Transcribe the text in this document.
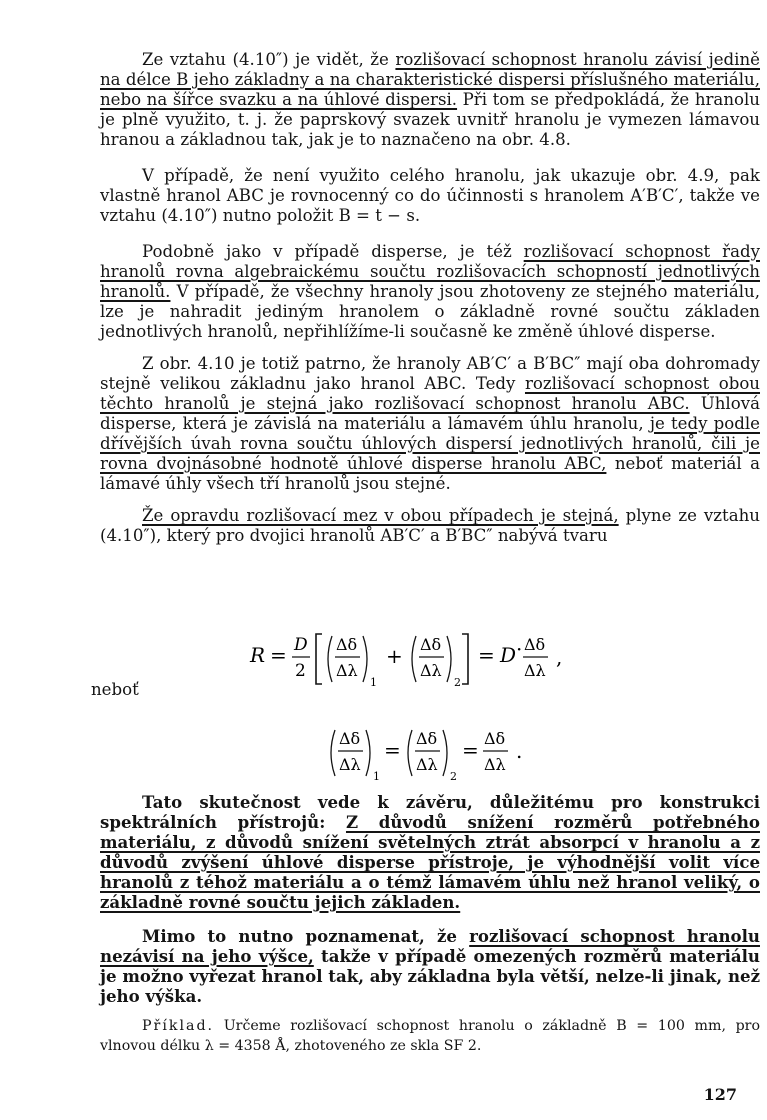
Ze vztahu (4.10″) je vidět, že rozlišovací schopnost hranolu závisí jedině na délce B jeho základny a na charakteristické dispersi příslušného materiálu, nebo na šířce svazku a na úhlové dispersi. Při tom se předpokládá, že hranolu je plně využito, t. j. že paprskový svazek uvnitř hranolu je vymezen lámavou hranou a základnou tak, jak je to naznačeno na obr. 4.8.

V případě, že není využito celého hranolu, jak ukazuje obr. 4.9, pak vlastně hranol ABC je rovnocenný co do účinnosti s hranolem A′B′C′, takže ve vztahu (4.10″) nutno položit B = t − s.

Podobně jako v případě disperse, je též rozlišovací schopnost řady hranolů rovna algebraickému součtu rozlišovacích schopností jednotlivých hranolů. V případě, že všechny hranoly jsou zhotoveny ze stejného materiálu, lze je nahradit jediným hranolem o základně rovné součtu základen jednotlivých hranolů, nepřihlížíme-li současně ke změně úhlové disperse.

Z obr. 4.10 je totiž patrno, že hranoly AB′C′ a B′BC″ mají oba dohromady stejně velikou základnu jako hranol ABC. Tedy rozlišovací schopnost obou těchto hranolů je stejná jako rozlišovací schopnost hranolu ABC. Úhlová disperse, která je závislá na materiálu a lámavém úhlu hranolu, je tedy podle dřívějších úvah rovna součtu úhlových dispersí jednotlivých hranolů, čili je rovna dvojnásobné hodnotě úhlové disperse hranolu ABC, neboť materiál a lámavé úhly všech tří hranolů jsou stejné.

Že opravdu rozlišovací mez v obou případech je stejná, plyne ze vztahu (4.10″), který pro dvojici hranolů AB′C′ a B′BC″ nabývá tvaru

R = D
2
Δδ
Δλ
1
+ Δδ
Δλ
2
= D · Δδ
Δλ
,
neboť
Δδ
Δλ
1
= Δδ
Δλ
2
= Δδ
Δλ
.

Tato skutečnost vede k závěru, důležitému pro konstrukci spektrálních přístrojů: Z důvodů snížení rozměrů potřebného materiálu, z důvodů snížení světelných ztrát absorpcí v hranolu a z důvodů zvýšení úhlové disperse přístroje, je výhodnější volit více hranolů z téhož materiálu a o témž lámavém úhlu než hranol veliký, o základně rovné součtu jejich základen.

Mimo to nutno poznamenat, že rozlišovací schopnost hranolu nezávisí na jeho výšce, takže v případě omezených rozměrů materiálu je možno vyřezat hranol tak, aby základna byla větší, nelze-li jinak, než jeho výška.

Příklad. Určeme rozlišovací schopnost hranolu o základně B = 100 mm, pro vlnovou délku λ = 4358 Å, zhotoveného ze skla SF 2.
127
